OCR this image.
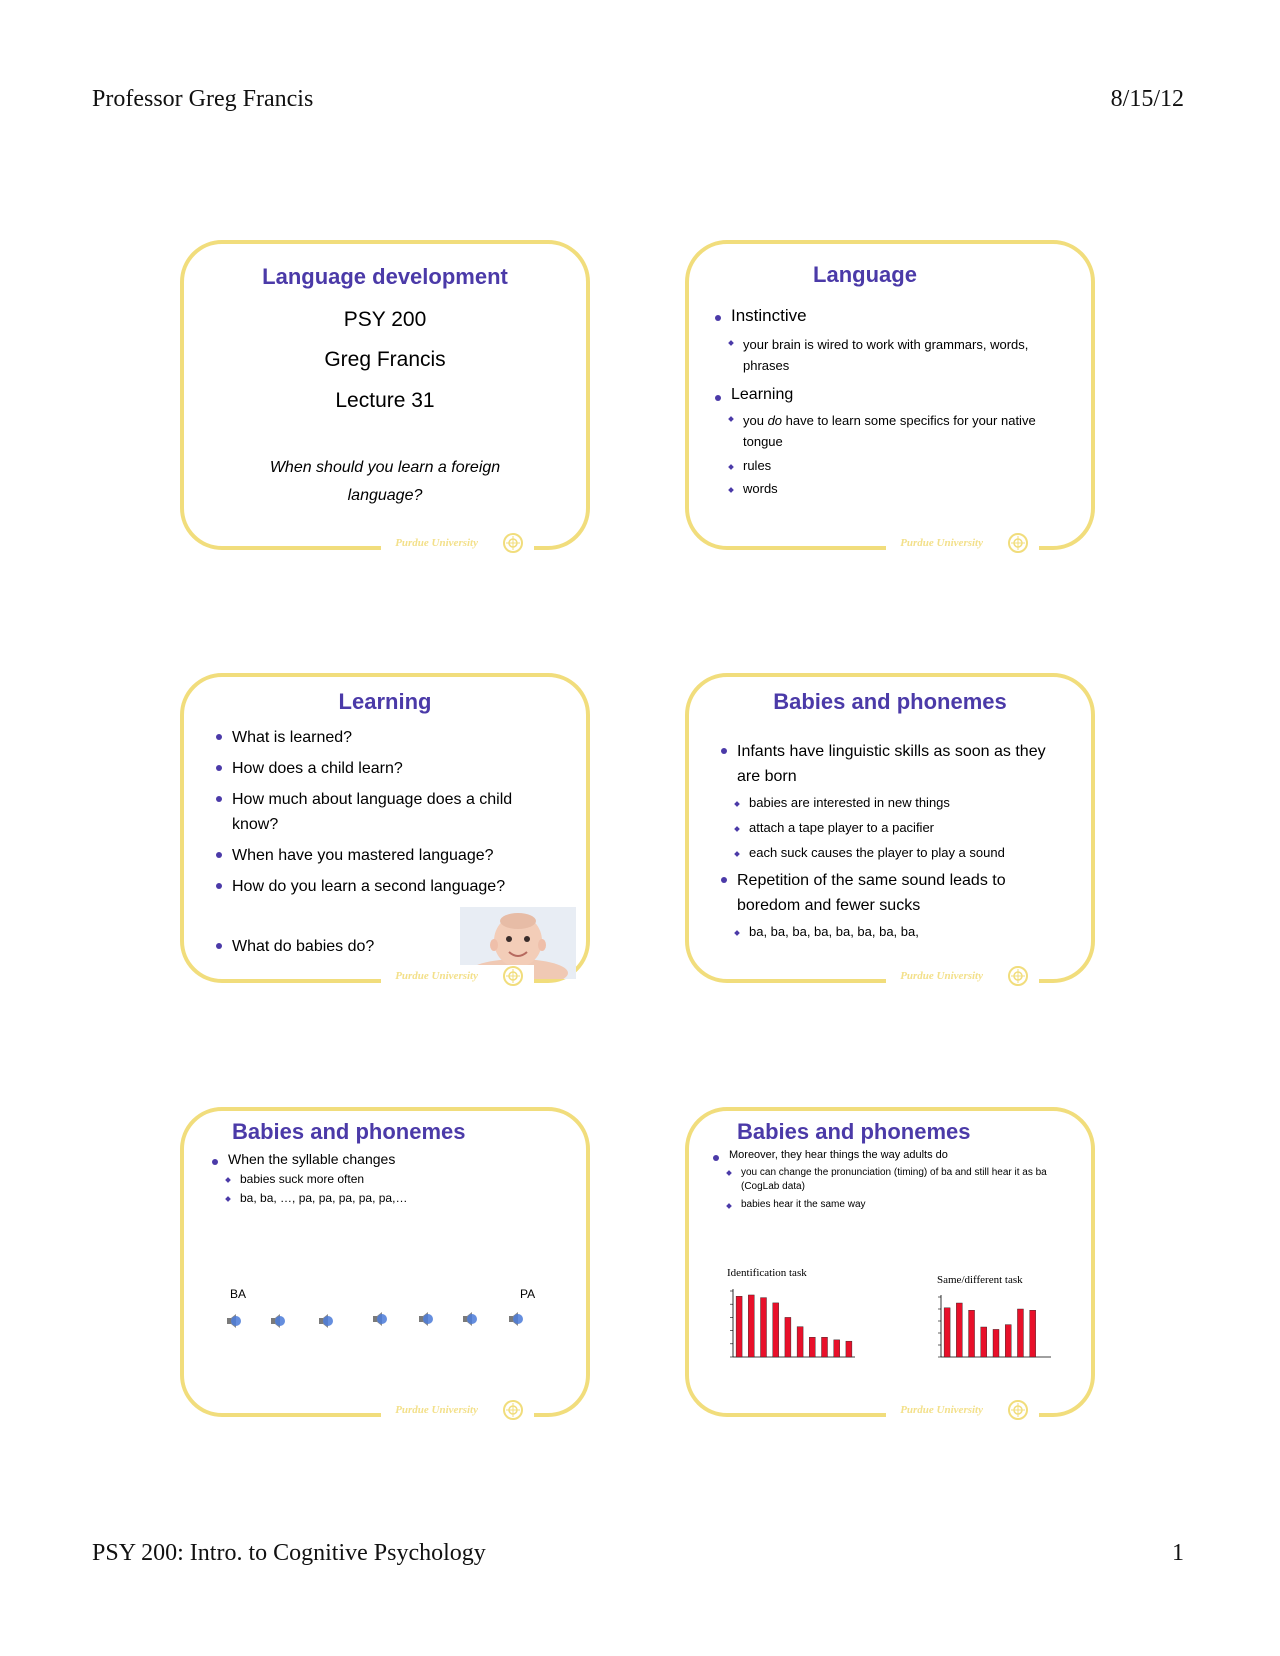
Professor Greg Francis	8/15/12
Language development
PSY 200
Greg Francis
Lecture 31
When should you learn a foreign
language?
Purdue University
Language
Instinctive
your brain is wired to work with grammars, words, phrases
Learning
you do have to learn some specifics for your native tongue
rules
words
Purdue University
Learning
What is learned?
How does a child learn?
How much about language does a child know?
When have you mastered language?
How do you learn a second language?
What do babies do?
Purdue University
Babies and phonemes
Infants have linguistic skills as soon as they are born
babies are interested in new things
attach a tape player to a pacifier
each suck causes the player to play a sound
Repetition of the same sound leads to boredom and fewer sucks
ba, ba, ba, ba, ba, ba, ba, ba,
Purdue University
Babies and phonemes
When the syllable changes
babies suck more often
ba, ba, …, pa, pa, pa, pa, pa,…
BA	PA
Purdue University
Babies and phonemes
Moreover, they hear things the way adults do
you can change the pronunciation (timing) of ba and still hear it as ba (CogLab data)
babies hear it the same way
Identification task
Same/different task
Purdue University
PSY 200: Intro. to Cognitive Psychology	1
